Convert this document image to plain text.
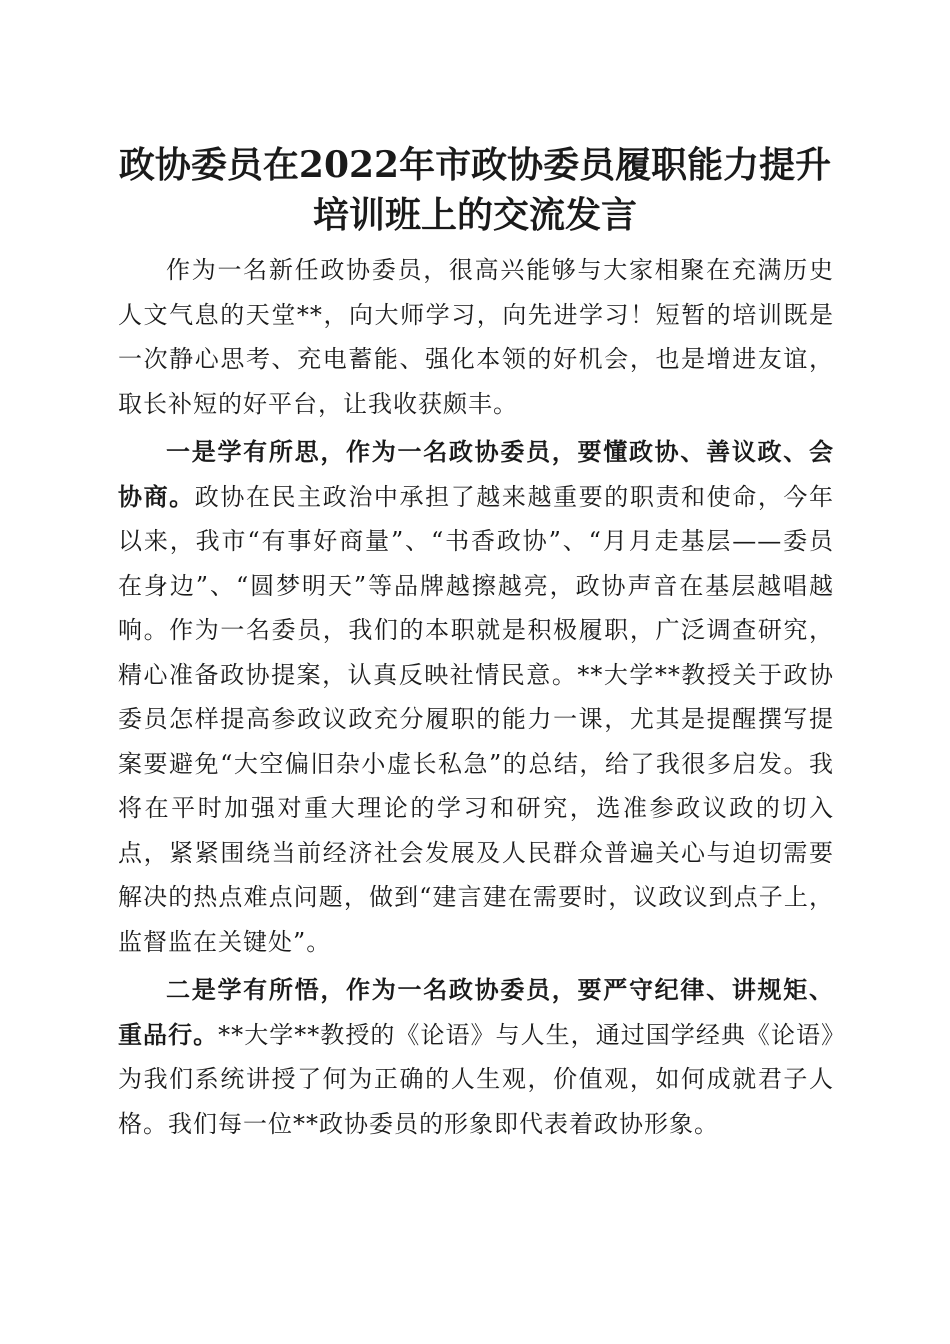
政协委员在2022年市政协委员履职能力提升
培训班上的交流发言

作为一名新任政协委员，很高兴能够与大家相聚在充满历史人文气息的天堂**，向大师学习，向先进学习！短暂的培训既是一次静心思考、充电蓄能、强化本领的好机会，也是增进友谊，取长补短的好平台，让我收获颇丰。

一是学有所思，作为一名政协委员，要懂政协、善议政、会协商。政协在民主政治中承担了越来越重要的职责和使命，今年以来，我市“有事好商量”、“书香政协”、“月月走基层——委员在身边”、“圆梦明天”等品牌越擦越亮，政协声音在基层越唱越响。作为一名委员，我们的本职就是积极履职，广泛调查研究，精心准备政协提案，认真反映社情民意。**大学**教授关于政协委员怎样提高参政议政充分履职的能力一课，尤其是提醒撰写提案要避免“大空偏旧杂小虚长私急”的总结，给了我很多启发。我将在平时加强对重大理论的学习和研究，选准参政议政的切入点，紧紧围绕当前经济社会发展及人民群众普遍关心与迫切需要解决的热点难点问题，做到“建言建在需要时，议政议到点子上，监督监在关键处”。

二是学有所悟，作为一名政协委员，要严守纪律、讲规矩、重品行。**大学**教授的《论语》与人生，通过国学经典《论语》为我们系统讲授了何为正确的人生观，价值观，如何成就君子人格。我们每一位**政协委员的形象即代表着政协形象。
